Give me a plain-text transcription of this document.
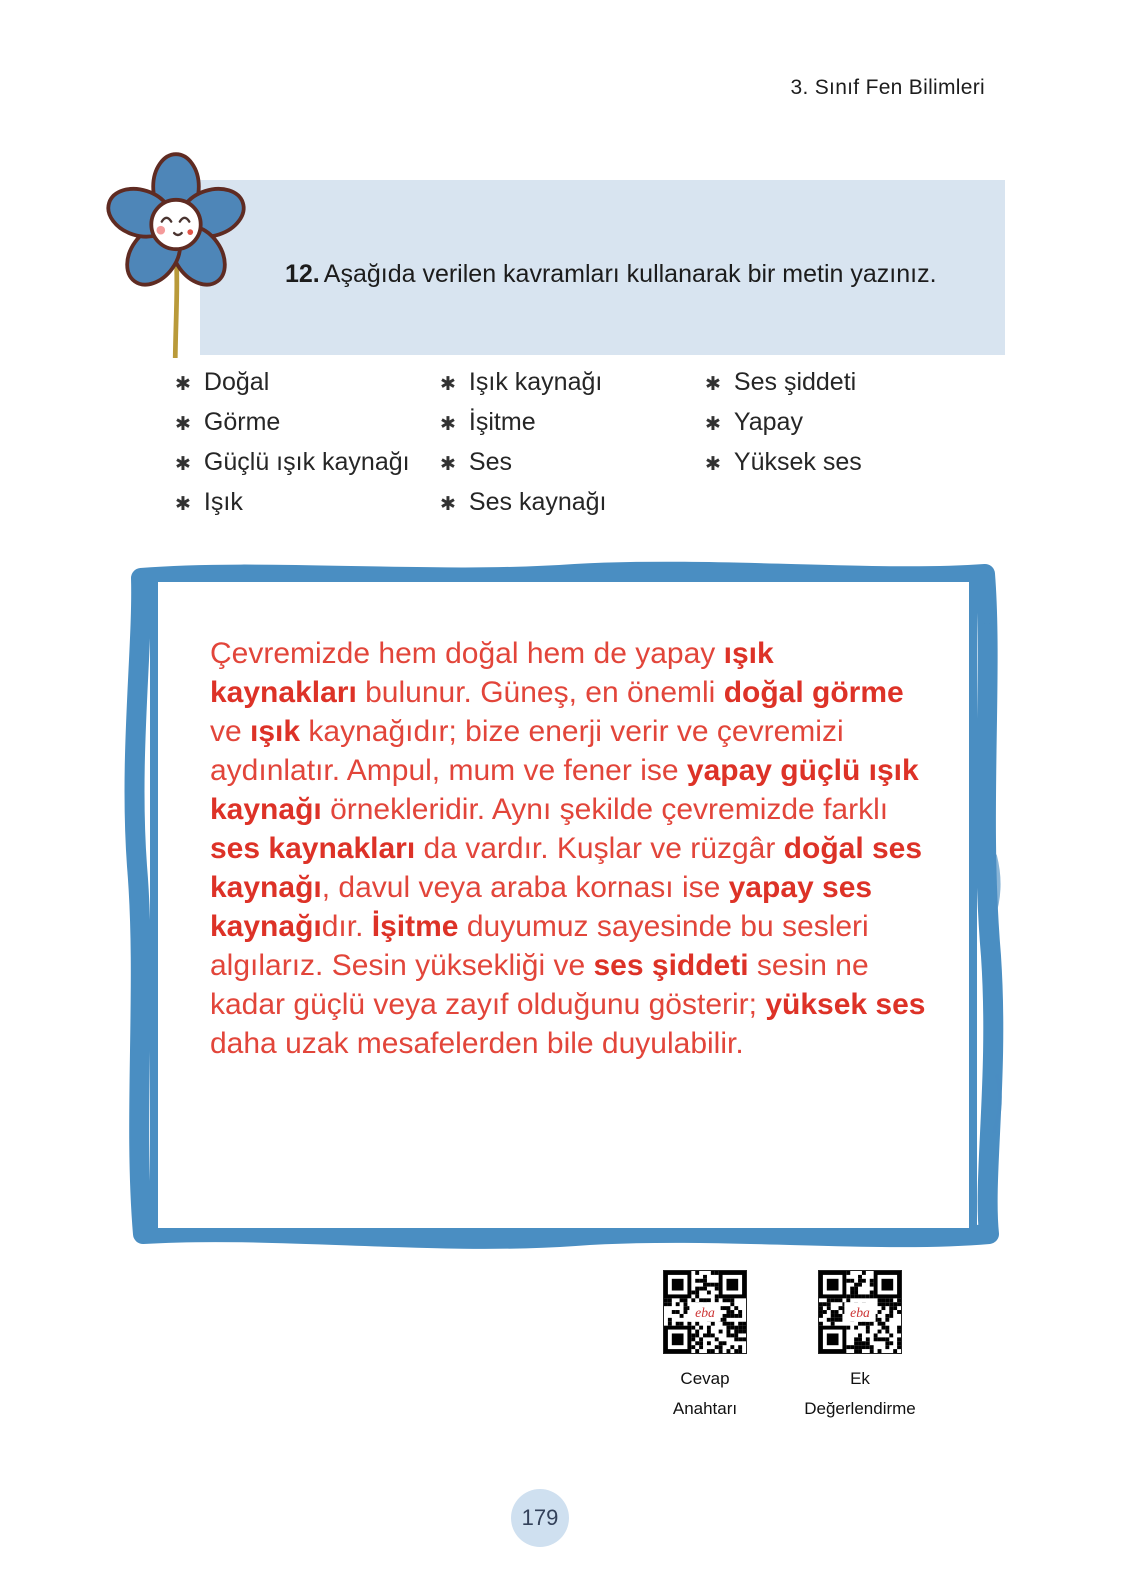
3. Sınıf Fen Bilimleri
12. Aşağıda verilen kavramları kullanarak bir metin yazınız.
✱ Doğal
✱ Görme
✱ Güçlü ışık kaynağı
✱ Işık
✱ Işık kaynağı
✱ İşitme
✱ Ses
✱ Ses kaynağı
✱ Ses şiddeti
✱ Yapay
✱ Yüksek ses

Çevremizde hem doğal hem de yapay ışık kaynakları bulunur. Güneş, en önemli doğal görme ve ışık kaynağıdır; bize enerji verir ve çevremizi aydınlatır. Ampul, mum ve fener ise yapay güçlü ışık kaynağı örnekleridir. Aynı şekilde çevremizde farklı ses kaynakları da vardır. Kuşlar ve rüzgâr doğal ses kaynağı, davul veya araba kornası ise yapay ses kaynağıdır. İşitme duyumuz sayesinde bu sesleri algılarız. Sesin yüksekliği ve ses şiddeti sesin ne kadar güçlü veya zayıf olduğunu gösterir; yüksek ses daha uzak mesafelerden bile duyulabilir.

eba
Cevap
Anahtarı
eba
Ek
Değerlendirme
179
